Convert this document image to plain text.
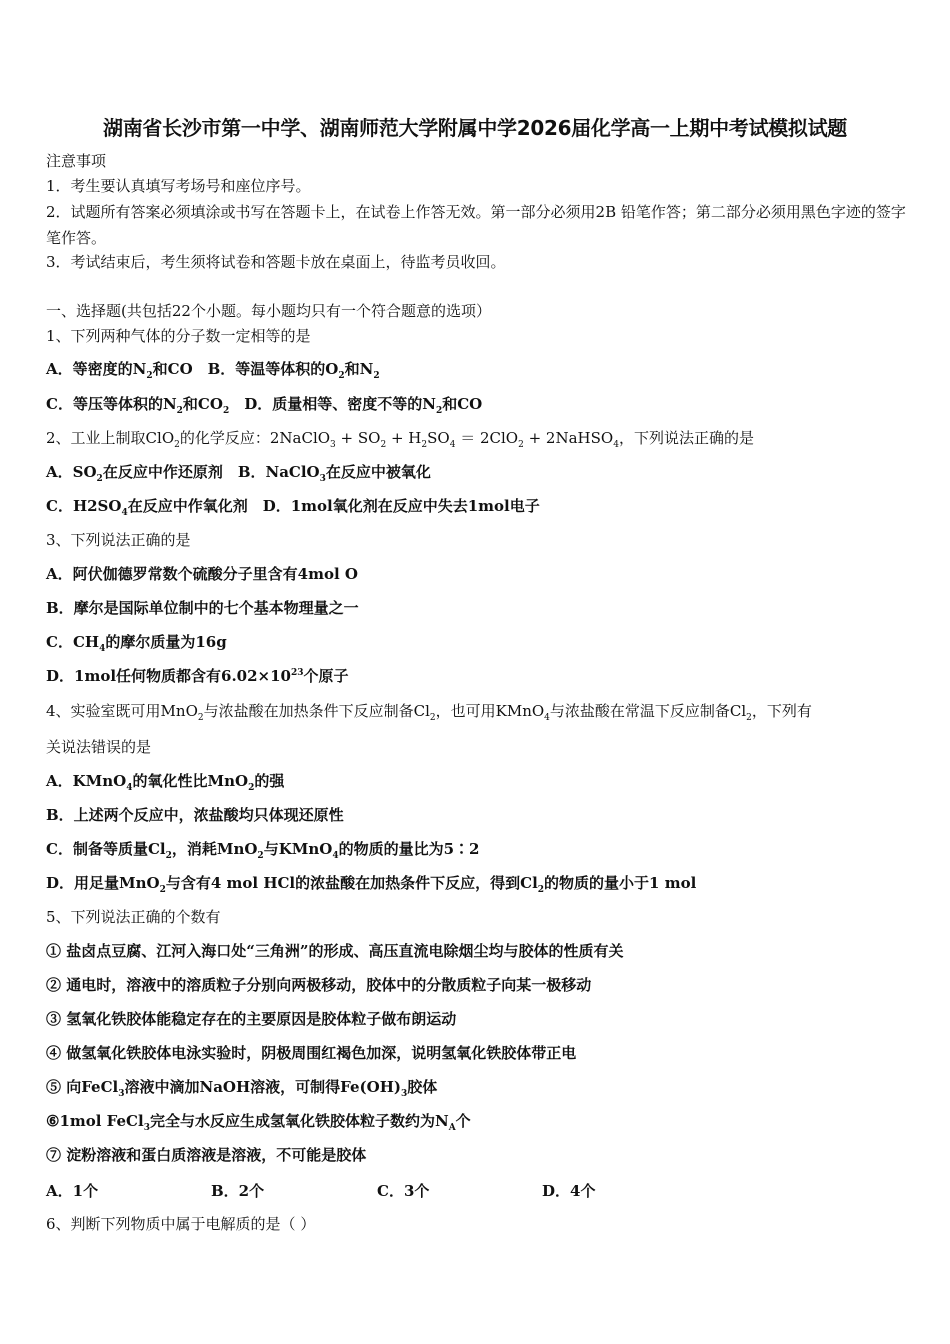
湖南省长沙市第一中学、湖南师范大学附属中学2026届化学高一上期中考试模拟试题
注意事项
1．考生要认真填写考场号和座位序号。
2．试题所有答案必须填涂或书写在答题卡上，在试卷上作答无效。第一部分必须用2B 铅笔作答；第二部分必须用黑色字迹的签字笔作答。
3．考试结束后，考生须将试卷和答题卡放在桌面上，待监考员收回。
一、选择题(共包括22个小题。每小题均只有一个符合题意的选项）
1、下列两种气体的分子数一定相等的是
A．等密度的$N_2$和CO　B．等温等体积的$O_2$和$N_2$
C．等压等体积的$N_2$和$CO_2$　D．质量相等、密度不等的$N_2$和CO
2、工业上制取ClO$_2$的化学反应：2NaClO$_3$ + $SO_2 + H_2SO_4 = 2ClO_2$ + 2NaHSO$_4$，下列说法正确的是
A．$SO_2$在反应中作还原剂　B．NaClO$_3$在反应中被氧化
C．$H2SO_4$在反应中作氧化剂　D．1mol氧化剂在反应中失去1mol电子
3、下列说法正确的是
A．阿伏伽德罗常数个硫酸分子里含有4mol O
B．摩尔是国际单位制中的七个基本物理量之一
C．$CH_4$的摩尔质量为16g
D．1mol任何物质都含有$6.02\times 10^{23}$个原子
4、实验室既可用MnO$_2$与浓盐酸在加热条件下反应制备$Cl_2$，也可用KMnO$_4$与浓盐酸在常温下反应制备$Cl_2$，下列有
关说法错误的是
A．KMnO$_4$的氧化性比MnO$_2$的强
B．上述两个反应中，浓盐酸均只体现还原性
C．制备等质量$Cl_2$，消耗MnO$_2$与KMnO$_4$的物质的量比为5∶2
D．用足量MnO$_2$与含有4 mol HCl的浓盐酸在加热条件下反应，得到$Cl_2$的物质的量小于1 mol
5、下列说法正确的个数有
① 盐卤点豆腐、江河入海口处“三角洲”的形成、高压直流电除烟尘均与胶体的性质有关
② 通电时，溶液中的溶质粒子分别向两极移动，胶体中的分散质粒子向某一极移动
③ 氢氧化铁胶体能稳定存在的主要原因是胶体粒子做布朗运动
④ 做氢氧化铁胶体电泳实验时，阴极周围红褐色加深，说明氢氧化铁胶体带正电
⑤ 向FeCl$_3$溶液中滴加NaOH溶液，可制得$Fe(OH)_3$胶体
⑥1mol FeCl$_3$完全与水反应生成氢氧化铁胶体粒子数约为$N_A$个
⑦ 淀粉溶液和蛋白质溶液是溶液，不可能是胶体
A．1个	B．2个	C．3个	D．4个
6、判断下列物质中属于电解质的是（ ）
